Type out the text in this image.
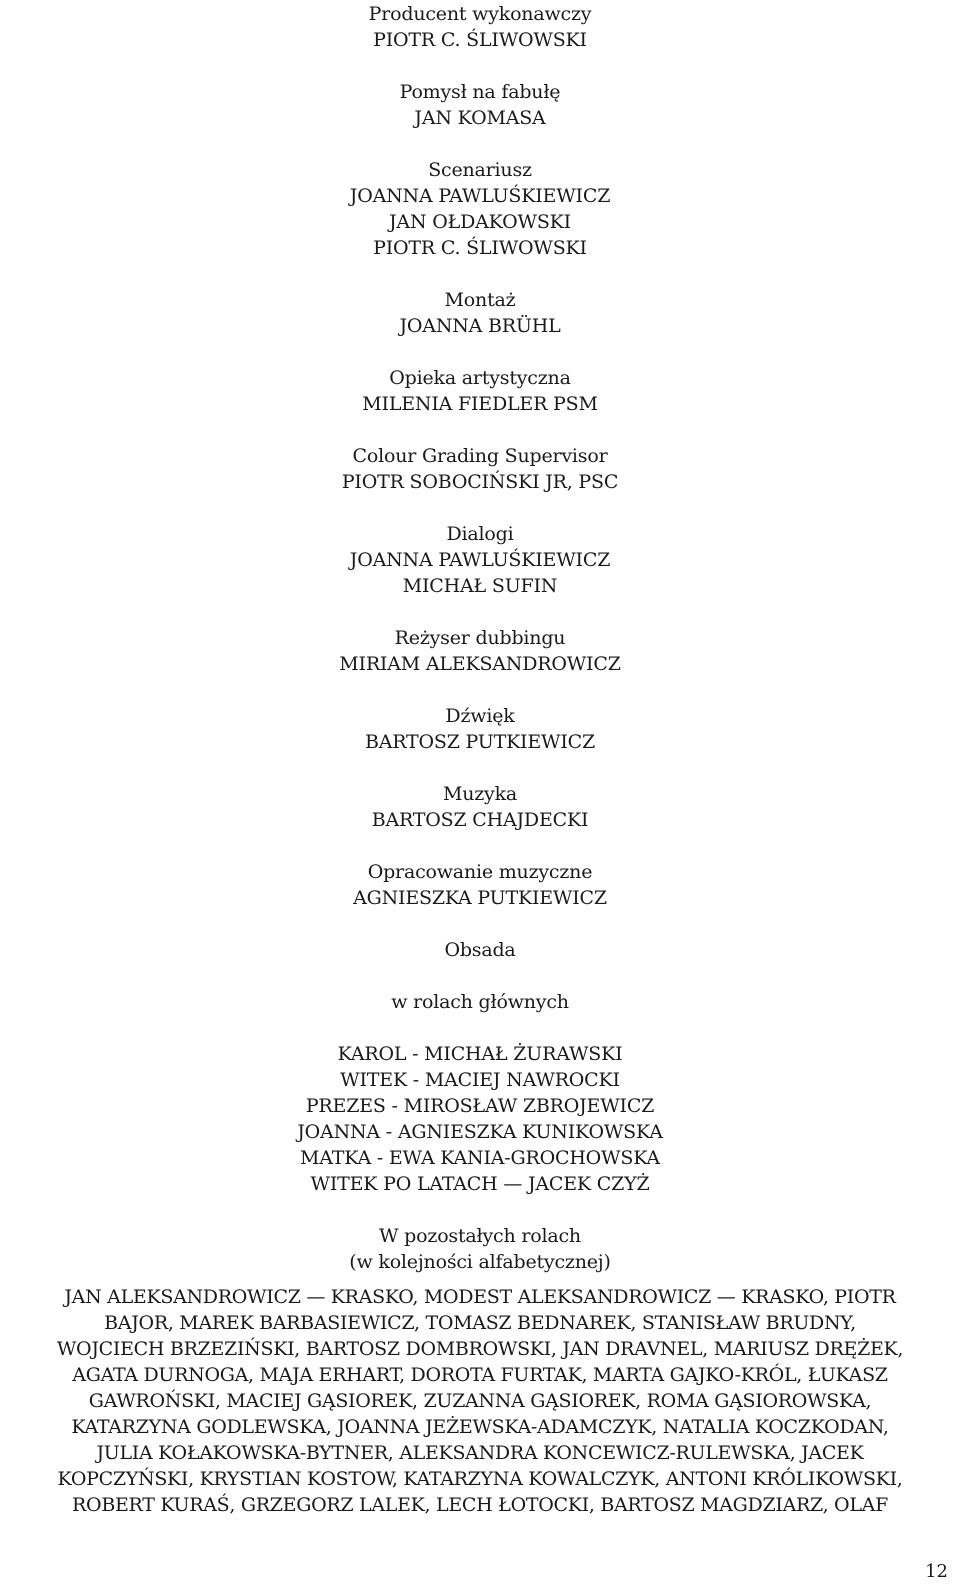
Producent wykonawczy
PIOTR C. ŚLIWOWSKI
Pomysł na fabułę
JAN KOMASA
Scenariusz
JOANNA PAWLUŚKIEWICZ
JAN OŁDAKOWSKI
PIOTR C. ŚLIWOWSKI
Montaż
JOANNA BRÜHL
Opieka artystyczna
MILENIA FIEDLER PSM
Colour Grading Supervisor
PIOTR SOBOCIŃSKI JR, PSC
Dialogi
JOANNA PAWLUŚKIEWICZ
MICHAŁ SUFIN
Reżyser dubbingu
MIRIAM ALEKSANDROWICZ
Dźwięk
BARTOSZ PUTKIEWICZ
Muzyka
BARTOSZ CHAJDECKI
Opracowanie muzyczne
AGNIESZKA PUTKIEWICZ
Obsada
w rolach głównych
KAROL - MICHAŁ ŻURAWSKI
WITEK - MACIEJ NAWROCKI
PREZES - MIROSŁAW ZBROJEWICZ
JOANNA - AGNIESZKA KUNIKOWSKA
MATKA - EWA KANIA-GROCHOWSKA
WITEK PO LATACH — JACEK CZYŻ
W pozostałych rolach
(w kolejności alfabetycznej)
JAN ALEKSANDROWICZ — KRASKO, MODEST ALEKSANDROWICZ — KRASKO, PIOTR
BAJOR, MAREK BARBASIEWICZ, TOMASZ BEDNAREK, STANISŁAW BRUDNY,
WOJCIECH BRZEZIŃSKI, BARTOSZ DOMBROWSKI, JAN DRAVNEL, MARIUSZ DRĘŻEK,
AGATA DURNOGA, MAJA ERHART, DOROTA FURTAK, MARTA GAJKO-KRÓL, ŁUKASZ
GAWROŃSKI, MACIEJ GĄSIOREK, ZUZANNA GĄSIOREK, ROMA GĄSIOROWSKA,
KATARZYNA GODLEWSKA, JOANNA JEŻEWSKA-ADAMCZYK, NATALIA KOCZKODAN,
JULIA KOŁAKOWSKA-BYTNER, ALEKSANDRA KONCEWICZ-RULEWSKA, JACEK
KOPCZYŃSKI, KRYSTIAN KOSTOW, KATARZYNA KOWALCZYK, ANTONI KRÓLIKOWSKI,
ROBERT KURAŚ, GRZEGORZ LALEK, LECH ŁOTOCKI, BARTOSZ MAGDZIARZ, OLAF
12
